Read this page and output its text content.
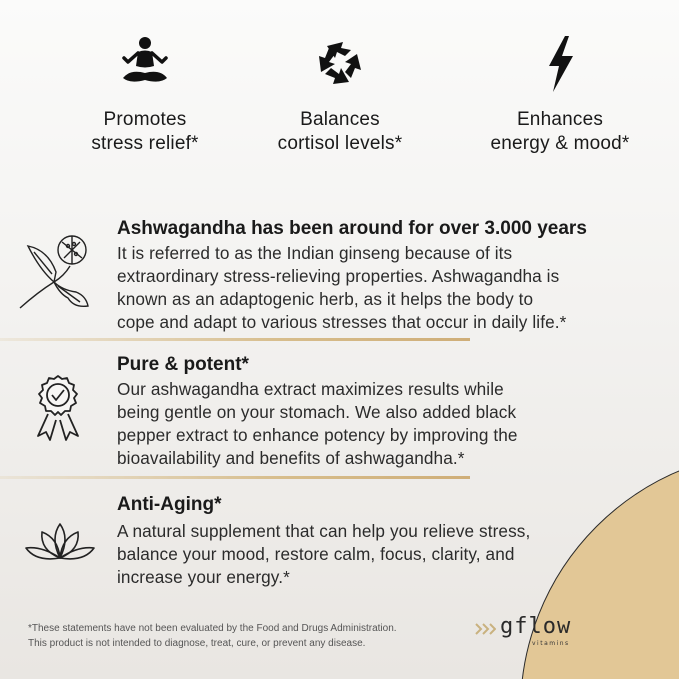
Promotes
stress relief*
Balances
cortisol levels*
Enhances
energy & mood*
Ashwagandha has been around for over 3.000 years

It is referred to as the Indian ginseng because of its
extraordinary stress-relieving properties. Ashwagandha is
known as an adaptogenic herb, as it helps the body to
cope and adapt to various stresses that occur in daily life.*

Pure & potent*

Our ashwagandha extract maximizes results while
being gentle on your stomach. We also added black
pepper extract to enhance potency by improving the
bioavailability and benefits of ashwagandha.*

Anti-Aging*

A natural supplement that can help you relieve stress,
balance your mood, restore calm, focus, clarity, and
increase your energy.*

*These statements have not been evaluated by the Food and Drugs Administration.
This product is not intended to diagnose, treat, cure, or prevent any disease.
gflow
vitamins
